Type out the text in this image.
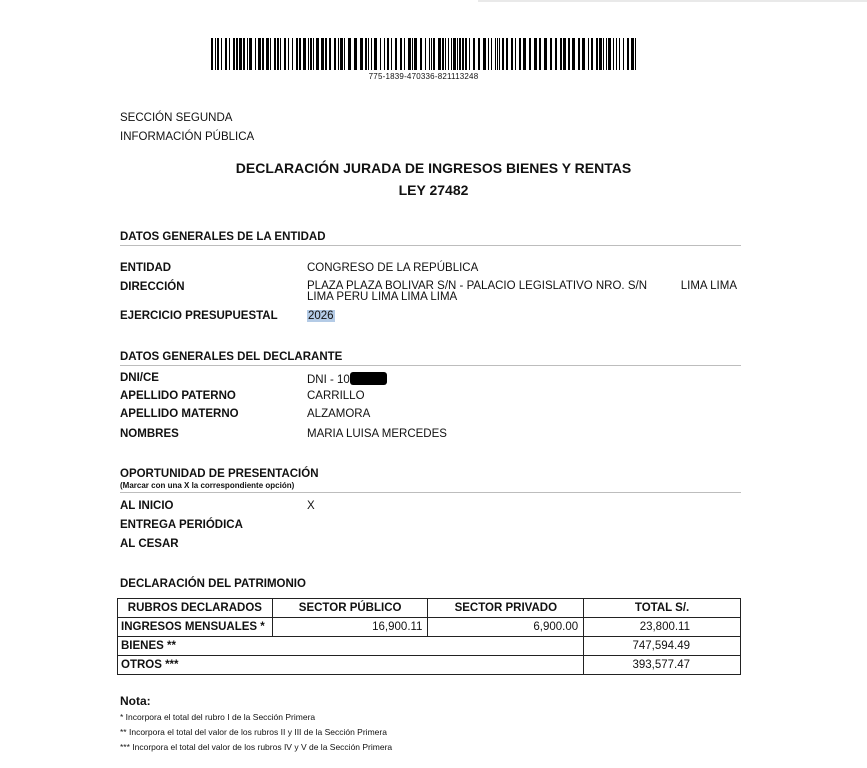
775-1839-470336-821113248
SECCIÓN SEGUNDA
INFORMACIÓN PÚBLICA
DECLARACIÓN JURADA DE INGRESOS BIENES Y RENTAS
LEY 27482
DATOS GENERALES DE LA ENTIDAD
ENTIDAD	CONGRESO DE LA REPÚBLICA
DIRECCIÓN	PLAZA PLAZA BOLIVAR S/N - PALACIO LEGISLATIVO NRO. S/N	LIMA LIMA
LIMA PERU LIMA LIMA LIMA
EJERCICIO PRESUPUESTAL	2026
DATOS GENERALES DEL DECLARANTE
DNI/CE	DNI - 10
APELLIDO PATERNO	CARRILLO
APELLIDO MATERNO	ALZAMORA
NOMBRES	MARIA LUISA MERCEDES
OPORTUNIDAD DE PRESENTACIÓN
(Marcar con una X la correspondiente opción)
AL INICIO	X
ENTREGA PERIÓDICA
AL CESAR
DECLARACIÓN DEL PATRIMONIO
RUBROS DECLARADOS	SECTOR PÚBLICO	SECTOR PRIVADO	TOTAL S/.
INGRESOS MENSUALES *	16,900.11	6,900.00	23,800.11
BIENES **			747,594.49
OTROS ***			393,577.47
Nota:
* Incorpora el total del rubro I de la Sección Primera
** Incorpora el total del valor de los rubros II y III de la Sección Primera
*** Incorpora el total del valor de los rubros IV y V de la Sección Primera
